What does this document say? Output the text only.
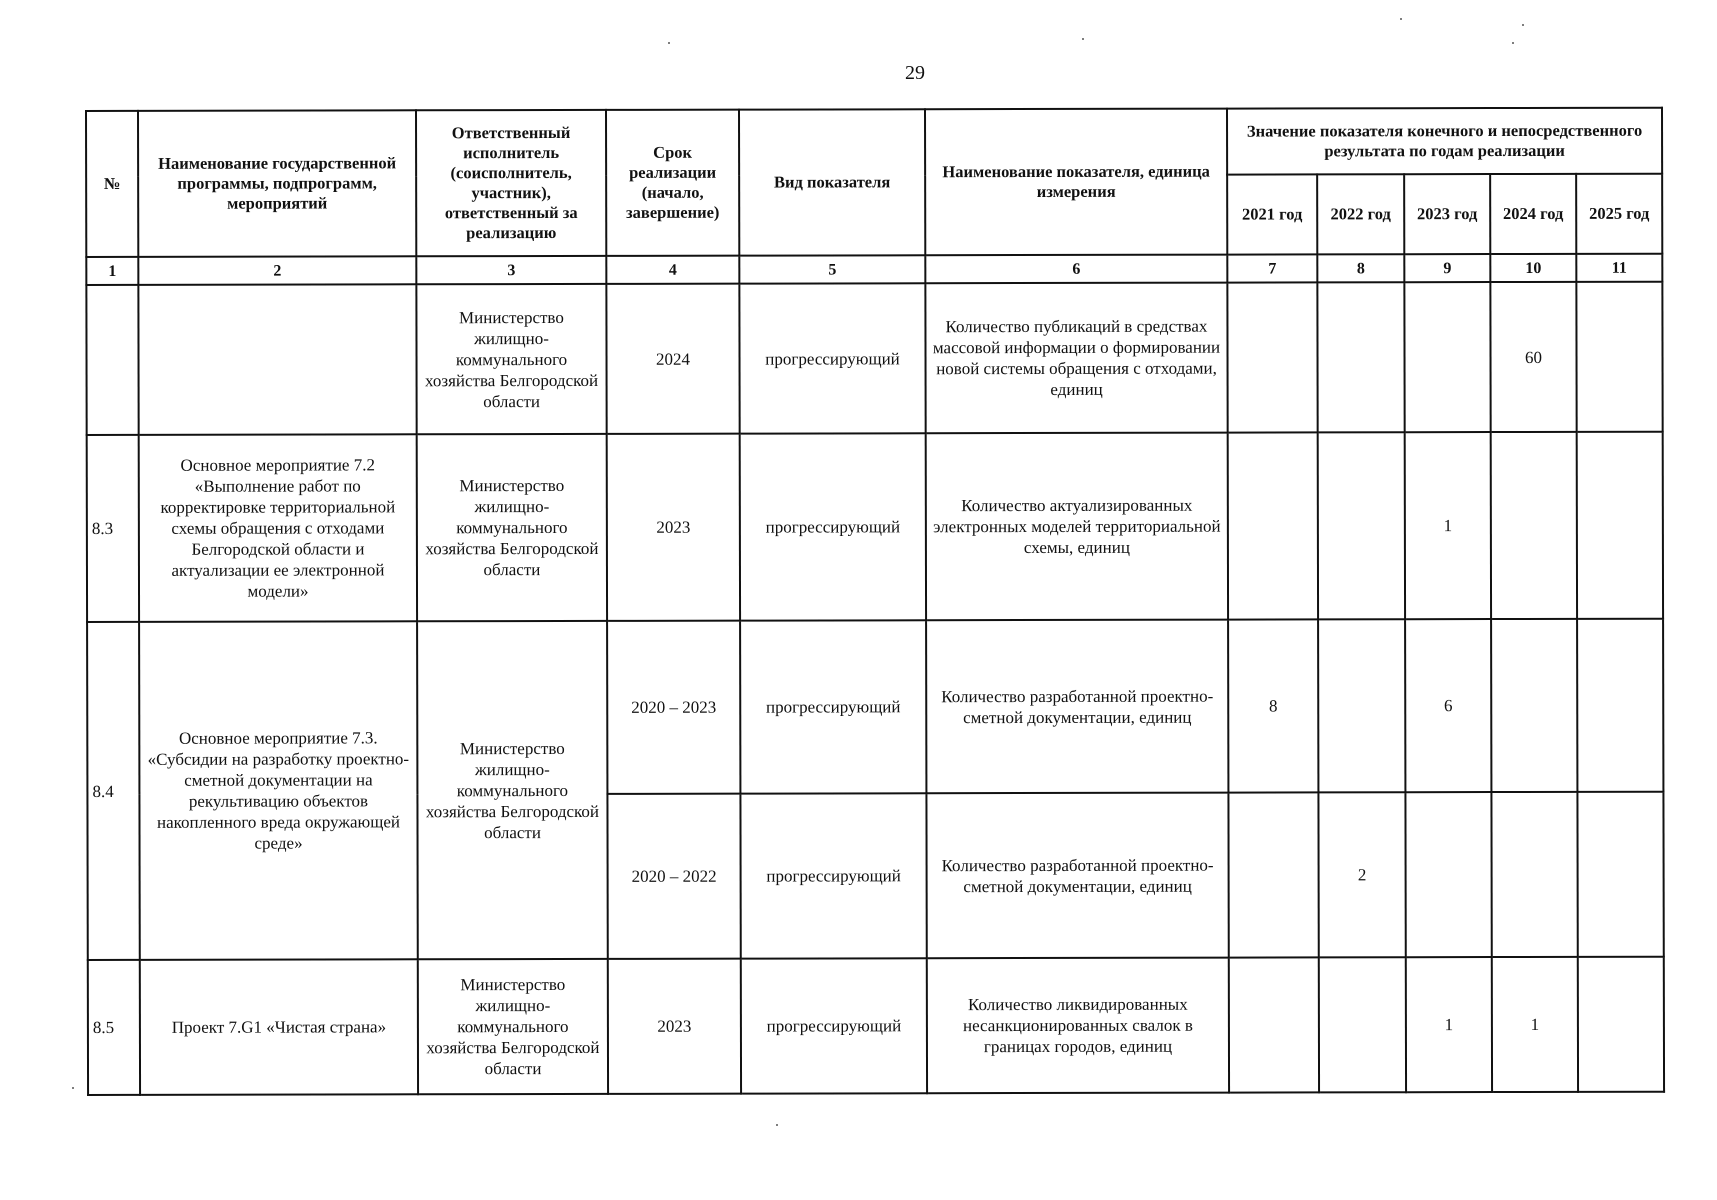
29
№	Наименование государственной программы, подпрограмм, мероприятий	Ответственный исполнитель (соисполнитель, участник), ответственный за реализацию	Срок реализации (начало, завершение)	Вид показателя	Наименование показателя, единица измерения	Значение показателя конечного и непосредственного результата по годам реализации				
						2021 год	2022 год	2023 год	2024 год	2025 год
1	2	3	4	5	6	7	8	9	10	11
		Министерство жилищно-коммунального хозяйства Белгородской области	2024	прогрессирующий	Количество публикаций в средствах массовой информации о формировании новой системы обращения с отходами, единиц				60	
8.3	Основное мероприятие 7.2 «Выполнение работ по корректировке территориальной схемы обращения с отходами Белгородской области и актуализации ее электронной модели»	Министерство жилищно-коммунального хозяйства Белгородской области	2023	прогрессирующий	Количество актуализированных электронных моделей территориальной схемы, единиц			1		
8.4	Основное мероприятие 7.3. «Субсидии на разработку проектно-сметной документации на рекультивацию объектов накопленного вреда окружающей среде»	Министерство жилищно-коммунального хозяйства Белгородской области	2020 – 2023	прогрессирующий	Количество разработанной проектно-сметной документации, единиц	8		6		
			2020 – 2022	прогрессирующий	Количество разработанной проектно-сметной документации, единиц		2			
8.5	Проект 7.G1 «Чистая страна»	Министерство жилищно-коммунального хозяйства Белгородской области	2023	прогрессирующий	Количество ликвидированных несанкционированных свалок в границах городов, единиц			1	1	
